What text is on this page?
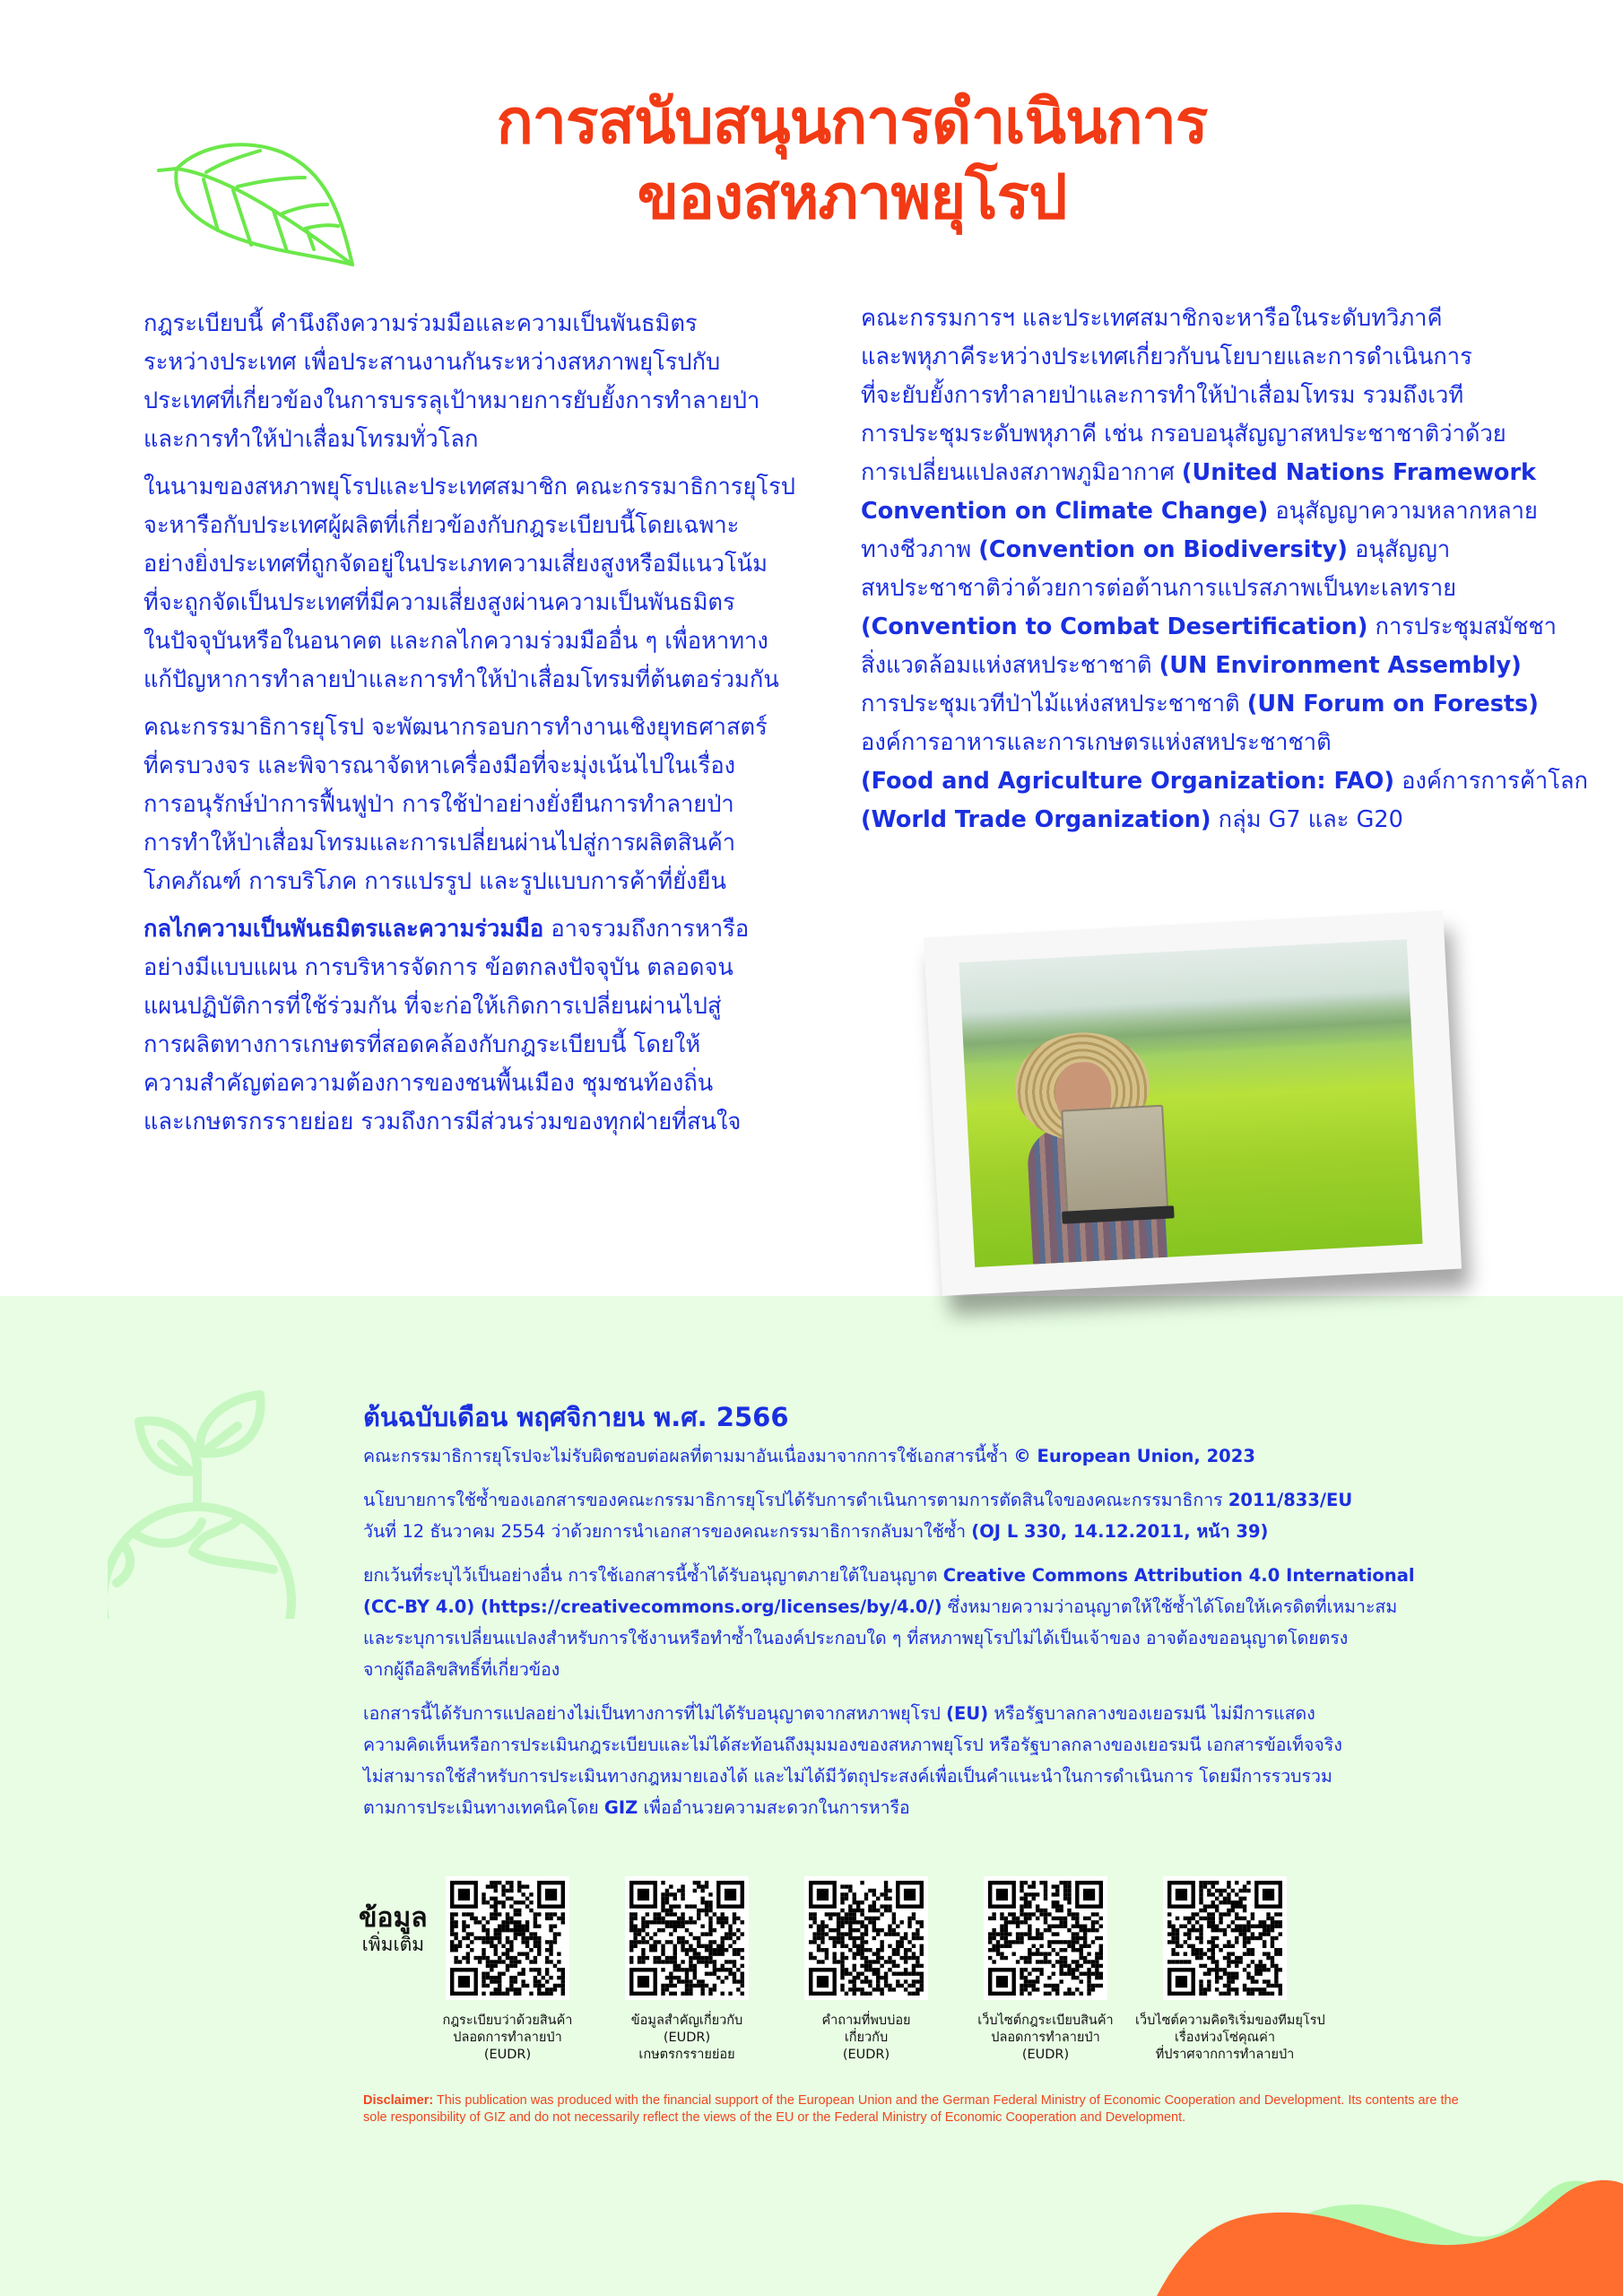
การสนับสนุนการดำเนินการ
ของสหภาพยุโรป

กฎระเบียบนี้ คำนึงถึงความร่วมมือและความเป็นพันธมิตร
ระหว่างประเทศ เพื่อประสานงานกันระหว่างสหภาพยุโรปกับ
ประเทศที่เกี่ยวข้องในการบรรลุเป้าหมายการยับยั้งการทำลายป่า
และการทำให้ป่าเสื่อมโทรมทั่วโลก

ในนามของสหภาพยุโรปและประเทศสมาชิก คณะกรรมาธิการยุโรป
จะหารือกับประเทศผู้ผลิตที่เกี่ยวข้องกับกฎระเบียบนี้โดยเฉพาะ
อย่างยิ่งประเทศที่ถูกจัดอยู่ในประเภทความเสี่ยงสูงหรือมีแนวโน้ม
ที่จะถูกจัดเป็นประเทศที่มีความเสี่ยงสูงผ่านความเป็นพันธมิตร
ในปัจจุบันหรือในอนาคต และกลไกความร่วมมืออื่น ๆ เพื่อหาทาง
แก้ปัญหาการทำลายป่าและการทำให้ป่าเสื่อมโทรมที่ต้นตอร่วมกัน

คณะกรรมาธิการยุโรป จะพัฒนากรอบการทำงานเชิงยุทธศาสตร์
ที่ครบวงจร และพิจารณาจัดหาเครื่องมือที่จะมุ่งเน้นไปในเรื่อง
การอนุรักษ์ป่าการฟื้นฟูป่า การใช้ป่าอย่างยั่งยืนการทำลายป่า
การทำให้ป่าเสื่อมโทรมและการเปลี่ยนผ่านไปสู่การผลิตสินค้า
โภคภัณฑ์ การบริโภค การแปรรูป และรูปแบบการค้าที่ยั่งยืน

กลไกความเป็นพันธมิตรและความร่วมมือ อาจรวมถึงการหารือ
อย่างมีแบบแผน การบริหารจัดการ ข้อตกลงปัจจุบัน ตลอดจน
แผนปฏิบัติการที่ใช้ร่วมกัน ที่จะก่อให้เกิดการเปลี่ยนผ่านไปสู่
การผลิตทางการเกษตรที่สอดคล้องกับกฎระเบียบนี้ โดยให้
ความสำคัญต่อความต้องการของชนพื้นเมือง ชุมชนท้องถิ่น
และเกษตรกรรายย่อย รวมถึงการมีส่วนร่วมของทุกฝ่ายที่สนใจ

คณะกรรมการฯ และประเทศสมาชิกจะหารือในระดับทวิภาคี
และพหุภาคีระหว่างประเทศเกี่ยวกับนโยบายและการดำเนินการ
ที่จะยับยั้งการทำลายป่าและการทำให้ป่าเสื่อมโทรม รวมถึงเวที
การประชุมระดับพหุภาคี เช่น กรอบอนุสัญญาสหประชาชาติว่าด้วย
การเปลี่ยนแปลงสภาพภูมิอากาศ (United Nations Framework
Convention on Climate Change) อนุสัญญาความหลากหลาย
ทางชีวภาพ (Convention on Biodiversity) อนุสัญญา
สหประชาชาติว่าด้วยการต่อต้านการแปรสภาพเป็นทะเลทราย
(Convention to Combat Desertification) การประชุมสมัชชา
สิ่งแวดล้อมแห่งสหประชาชาติ (UN Environment Assembly)
การประชุมเวทีป่าไม้แห่งสหประชาชาติ (UN Forum on Forests)
องค์การอาหารและการเกษตรแห่งสหประชาชาติ
(Food and Agriculture Organization: FAO) องค์การการค้าโลก
(World Trade Organization) กลุ่ม G7 และ G20

ต้นฉบับเดือน พฤศจิกายน พ.ศ. 2566

คณะกรรมาธิการยุโรปจะไม่รับผิดชอบต่อผลที่ตามมาอันเนื่องมาจากการใช้เอกสารนี้ซ้ำ © European Union, 2023

นโยบายการใช้ซ้ำของเอกสารของคณะกรรมาธิการยุโรปได้รับการดำเนินการตามการตัดสินใจของคณะกรรมาธิการ 2011/833/EU
วันที่ 12 ธันวาคม 2554 ว่าด้วยการนำเอกสารของคณะกรรมาธิการกลับมาใช้ซ้ำ (OJ L 330, 14.12.2011, หน้า 39)

ยกเว้นที่ระบุไว้เป็นอย่างอื่น การใช้เอกสารนี้ซ้ำได้รับอนุญาตภายใต้ใบอนุญาต Creative Commons Attribution 4.0 International
(CC-BY 4.0) (https://creativecommons.org/licenses/by/4.0/) ซึ่งหมายความว่าอนุญาตให้ใช้ซ้ำได้โดยให้เครดิตที่เหมาะสม
และระบุการเปลี่ยนแปลงสำหรับการใช้งานหรือทำซ้ำในองค์ประกอบใด ๆ ที่สหภาพยุโรปไม่ได้เป็นเจ้าของ อาจต้องขออนุญาตโดยตรง
จากผู้ถือลิขสิทธิ์ที่เกี่ยวข้อง

เอกสารนี้ได้รับการแปลอย่างไม่เป็นทางการที่ไม่ได้รับอนุญาตจากสหภาพยุโรป (EU) หรือรัฐบาลกลางของเยอรมนี ไม่มีการแสดง
ความคิดเห็นหรือการประเมินกฎระเบียบและไม่ได้สะท้อนถึงมุมมองของสหภาพยุโรป หรือรัฐบาลกลางของเยอรมนี เอกสารข้อเท็จจริง
ไม่สามารถใช้สำหรับการประเมินทางกฎหมายเองได้ และไม่ได้มีวัตถุประสงค์เพื่อเป็นคำแนะนำในการดำเนินการ โดยมีการรวบรวม
ตามการประเมินทางเทคนิคโดย GIZ เพื่ออำนวยความสะดวกในการหารือ

ข้อมูล
เพิ่มเติม
กฎระเบียบว่าด้วยสินค้า
ปลอดการทำลายป่า
(EUDR)
ข้อมูลสำคัญเกี่ยวกับ
(EUDR)
เกษตรกรรายย่อย
คำถามที่พบบ่อย
เกี่ยวกับ
(EUDR)
เว็บไซต์กฎระเบียบสินค้า
ปลอดการทำลายป่า
(EUDR)
เว็บไซต์ความคิดริเริ่มของทีมยุโรป
เรื่องห่วงโซ่คุณค่า
ที่ปราศจากการทำลายป่า
Disclaimer: This publication was produced with the financial support of the European Union and the German Federal Ministry of Economic Cooperation and Development. Its contents are the sole responsibility of GIZ and do not necessarily reflect the views of the EU or the Federal Ministry of Economic Cooperation and Development.
